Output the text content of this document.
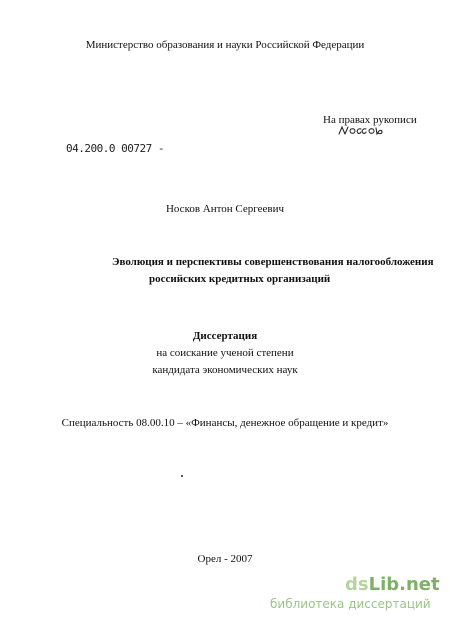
Министерство образования и науки Российской Федерации
На правах рукописи
04.200.0 00727 -
Носков Антон Сергеевич
Эволюция и перспективы совершенствования налогообложения
российских кредитных организаций
Диссертация
на соискание ученой степени
кандидата экономических наук
Специальность 08.00.10 – «Финансы, денежное обращение и кредит»
Орел - 2007
dsLib.net
библиотека диссертаций
